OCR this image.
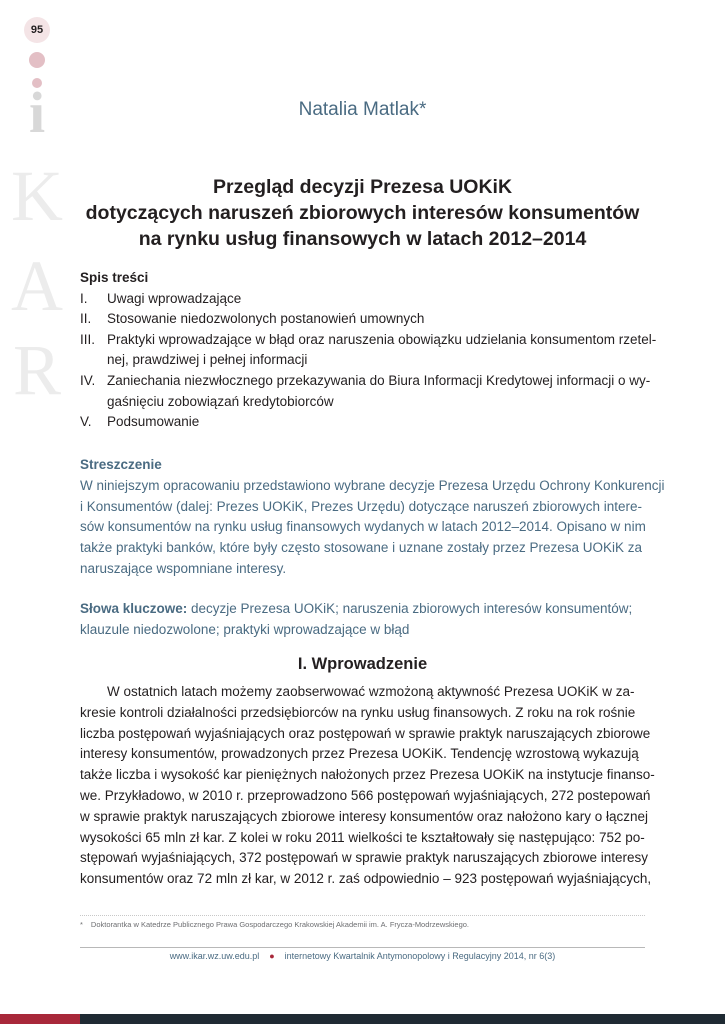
95
i
K
A
R
Natalia Matlak*
Przegląd decyzji Prezesa UOKiK
dotyczących naruszeń zbiorowych interesów konsumentów
na rynku usług finansowych w latach 2012–2014
Spis treści
I. Uwagi wprowadzające
II. Stosowanie niedozwolonych postanowień umownych
III. Praktyki wprowadzające w błąd oraz naruszenia obowiązku udzielania konsumentom rzetel-
nej, prawdziwej i pełnej informacji
IV. Zaniechania niezwłocznego przekazywania do Biura Informacji Kredytowej informacji o wy-
gaśnięciu zobowiązań kredytobiorców
V. Podsumowanie
Streszczenie
W niniejszym opracowaniu przedstawiono wybrane decyzje Prezesa Urzędu Ochrony Konkurencji
i Konsumentów (dalej: Prezes UOKiK, Prezes Urzędu) dotyczące naruszeń zbiorowych intere-
sów konsumentów na rynku usług finansowych wydanych w latach 2012–2014. Opisano w nim
także praktyki banków, które były często stosowane i uznane zostały przez Prezesa UOKiK za
naruszające wspomniane interesy.
Słowa kluczowe: decyzje Prezesa UOKiK; naruszenia zbiorowych interesów konsumentów;
klauzule niedozwolone; praktyki wprowadzające w błąd
I. Wprowadzenie
W ostatnich latach możemy zaobserwować wzmożoną aktywność Prezesa UOKiK w za-
kresie kontroli działalności przedsiębiorców na rynku usług finansowych. Z roku na rok rośnie
liczba postępowań wyjaśniających oraz postępowań w sprawie praktyk naruszających zbiorowe
interesy konsumentów, prowadzonych przez Prezesa UOKiK. Tendencję wzrostową wykazują
także liczba i wysokość kar pieniężnych nałożonych przez Prezesa UOKiK na instytucje finanso-
we. Przykładowo, w 2010 r. przeprowadzono 566 postępowań wyjaśniających, 272 postepowań
w sprawie praktyk naruszających zbiorowe interesy konsumentów oraz nałożono kary o łącznej
wysokości 65 mln zł kar. Z kolei w roku 2011 wielkości te kształtowały się następująco: 752 po-
stępowań wyjaśniających, 372 postępowań w sprawie praktyk naruszających zbiorowe interesy
konsumentów oraz 72 mln zł kar, w 2012 r. zaś odpowiednio – 923 postępowań wyjaśniających,
* Doktorantka w Katedrze Publicznego Prawa Gospodarczego Krakowskiej Akademii im. A. Frycza-Modrzewskiego.
www.ikar.wz.uw.edu.pl ● internetowy Kwartalnik Antymonopolowy i Regulacyjny 2014, nr 6(3)
